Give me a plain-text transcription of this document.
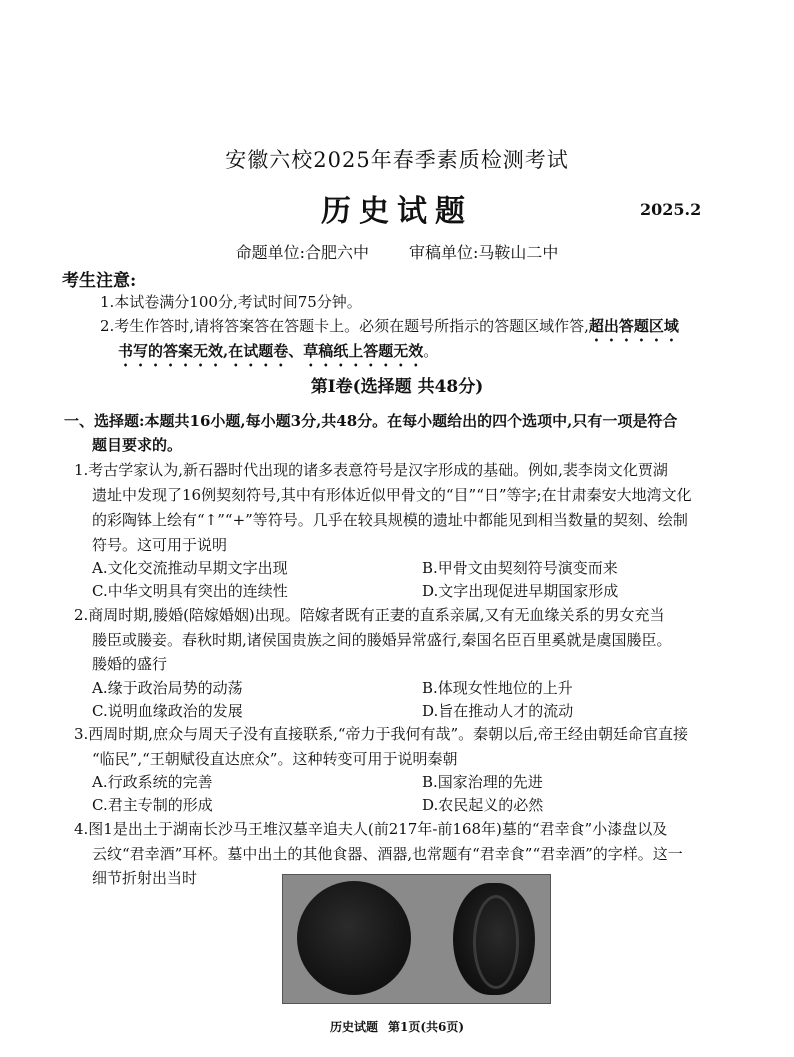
安徽六校2025年春季素质检测考试
历史试题	2025.2
命题单位:合肥六中	审稿单位:马鞍山二中
考生注意:
1.本试卷满分100分,考试时间75分钟。
2.考生作答时,请将答案答在答题卡上。必须在题号所指示的答题区域作答,超出答题区域
书写的答案无效,在试题卷、草稿纸上答题无效。
第Ⅰ卷(选择题 共48分)
一、选择题:本题共16小题,每小题3分,共48分。在每小题给出的四个选项中,只有一项是符合
题目要求的。
1.考古学家认为,新石器时代出现的诸多表意符号是汉字形成的基础。例如,裴李岗文化贾湖
遗址中发现了16例契刻符号,其中有形体近似甲骨文的“目”“日”等字;在甘肃秦安大地湾文化
的彩陶钵上绘有“↑”“+”等符号。几乎在较具规模的遗址中都能见到相当数量的契刻、绘制
符号。这可用于说明
A.文化交流推动早期文字出现	B.甲骨文由契刻符号演变而来
C.中华文明具有突出的连续性	D.文字出现促进早期国家形成
2.商周时期,媵婚(陪嫁婚姻)出现。陪嫁者既有正妻的直系亲属,又有无血缘关系的男女充当
媵臣或媵妾。春秋时期,诸侯国贵族之间的媵婚异常盛行,秦国名臣百里奚就是虞国媵臣。
媵婚的盛行
A.缘于政治局势的动荡	B.体现女性地位的上升
C.说明血缘政治的发展	D.旨在推动人才的流动
3.西周时期,庶众与周天子没有直接联系,“帝力于我何有哉”。秦朝以后,帝王经由朝廷命官直接
“临民”,“王朝赋役直达庶众”。这种转变可用于说明秦朝
A.行政系统的完善	B.国家治理的先进
C.君主专制的形成	D.农民起义的必然
4.图1是出土于湖南长沙马王堆汉墓辛追夫人(前217年-前168年)墓的“君幸食”小漆盘以及
云纹“君幸酒”耳杯。墓中出土的其他食器、酒器,也常题有“君幸食”“君幸酒”的字样。这一
细节折射出当时
历史试题 第1页(共6页)
